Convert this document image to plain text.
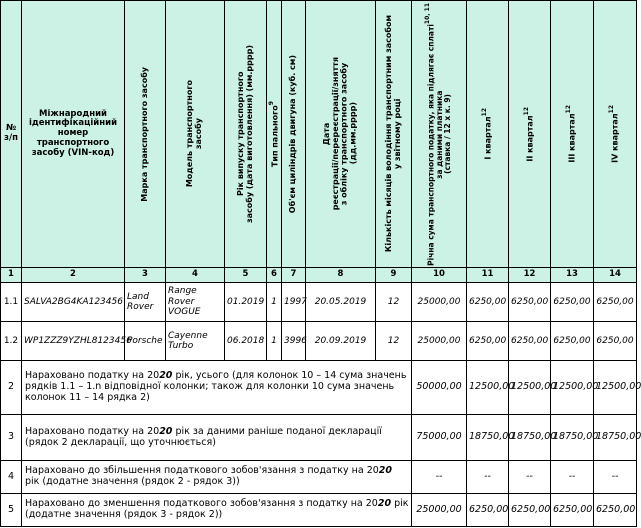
№ з/п	Міжнародний ідентифікаційний номер транспортного засобу (VIN-код)	Марка транспортного засобу	Модель транспортного
засобу	Рік випуску транспортного
засобу (дата виготовлення) (мм.рррр)	Тип пального$^9$	Об'єм циліндрів двигуна (куб. см)	Дата
реєстрації/перереєстрації/зняття
з обліку транспортного засобу
(дд.мм.рррр)	Кількість місяців володіння транспортним засобом
у звітному році	Річна сума транспортного податку, яка підлягає сплаті$^{10, 11}$
за даними платника
(ставка / 12 х к. 9)	І квартал$^{12}$	ІІ квартал$^{12}$	ІІІ квартал$^{12}$	IV квартал$^{12}$

1	2	3	4	5	6	7	8	9	10	11	12	13	14
1.1	SALVA2BG4KA123456	Land Rover	Range Rover VOGUE	01.2019	1	1997	20.05.2019	12	25000,00	6250,00	6250,00	6250,00	6250,00
1.2	WP1ZZZ9YZHL8123456	Porsche	Cayenne Turbo	06.2018	1	3996	20.09.2019	12	25000,00	6250,00	6250,00	6250,00	6250,00
2	Нараховано податку на 2020 рік, усього (для колонок 10 – 14 сума значень рядків 1.1 – 1.n відповідної колонки; також для колонки 10 сума значень колонок 11 – 14 рядка 2)								50000,00	12500,00	12500,00	12500,00	12500,00
3	Нараховано податку на 2020 рік за даними раніше поданої декларації
(рядок 2 декларації, що уточнюється)								75000,00	18750,00	18750,00	18750,00	18750,00
4	Нараховано до збільшення податкового зобов'язання з податку на 2020 рік (додатне значення (рядок 2 - рядок 3))								--	--	--	--	--
5	Нараховано до зменшення податкового зобов'язання з податку на 2020 рік (додатне значення (рядок 3 - рядок 2))								25000,00	6250,00	6250,00	6250,00	6250,00
